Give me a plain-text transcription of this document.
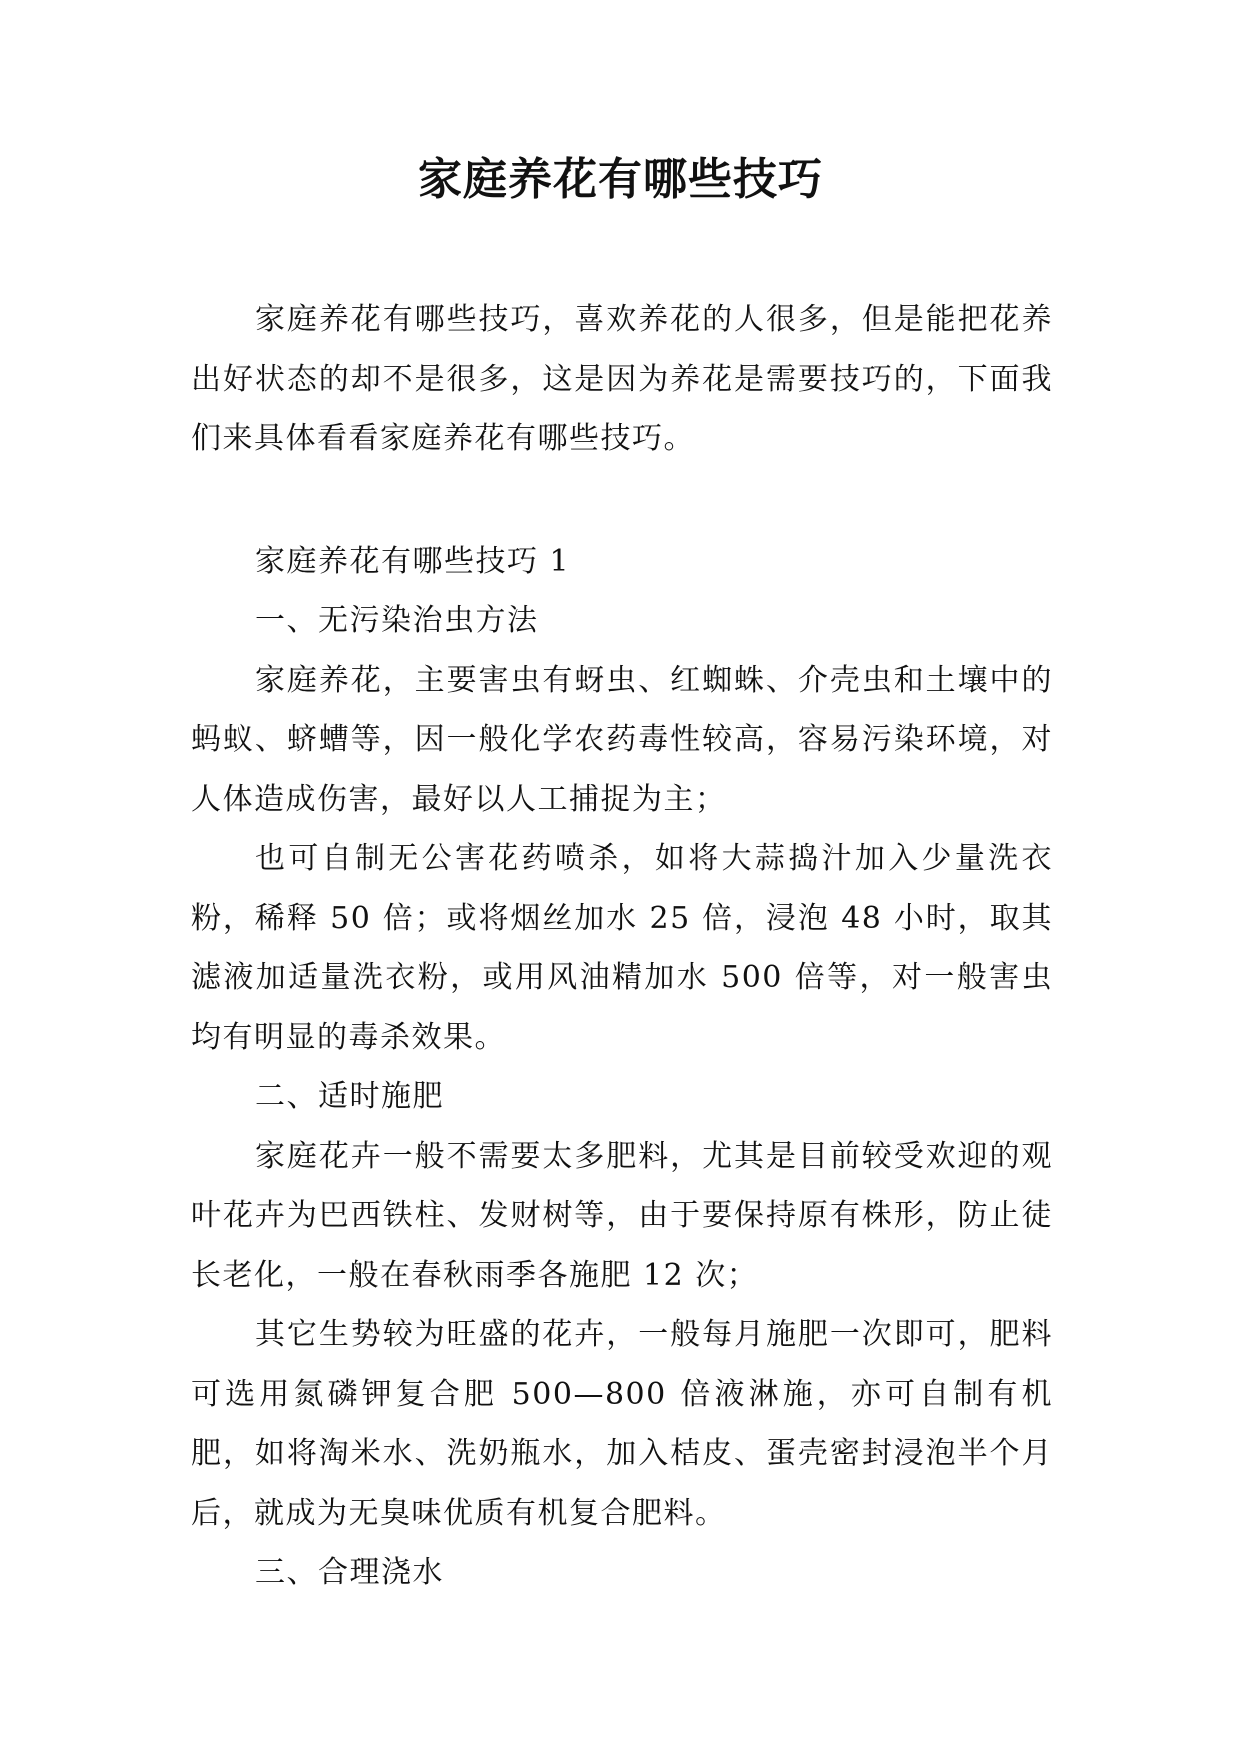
家庭养花有哪些技巧

家庭养花有哪些技巧，喜欢养花的人很多，但是能把花养出好状态的却不是很多，这是因为养花是需要技巧的，下面我们来具体看看家庭养花有哪些技巧。

家庭养花有哪些技巧 1

一、无污染治虫方法

家庭养花，主要害虫有蚜虫、红蜘蛛、介壳虫和土壤中的蚂蚁、蛴螬等，因一般化学农药毒性较高，容易污染环境，对人体造成伤害，最好以人工捕捉为主；

也可自制无公害花药喷杀，如将大蒜捣汁加入少量洗衣粉，稀释 50 倍；或将烟丝加水 25 倍，浸泡 48 小时，取其滤液加适量洗衣粉，或用风油精加水 500 倍等，对一般害虫均有明显的毒杀效果。

二、适时施肥

家庭花卉一般不需要太多肥料，尤其是目前较受欢迎的观叶花卉为巴西铁柱、发财树等，由于要保持原有株形，防止徒长老化，一般在春秋雨季各施肥 12 次；

其它生势较为旺盛的花卉，一般每月施肥一次即可，肥料可选用氮磷钾复合肥 500—800 倍液淋施，亦可自制有机肥，如将淘米水、洗奶瓶水，加入桔皮、蛋壳密封浸泡半个月后，就成为无臭味优质有机复合肥料。

三、合理浇水
